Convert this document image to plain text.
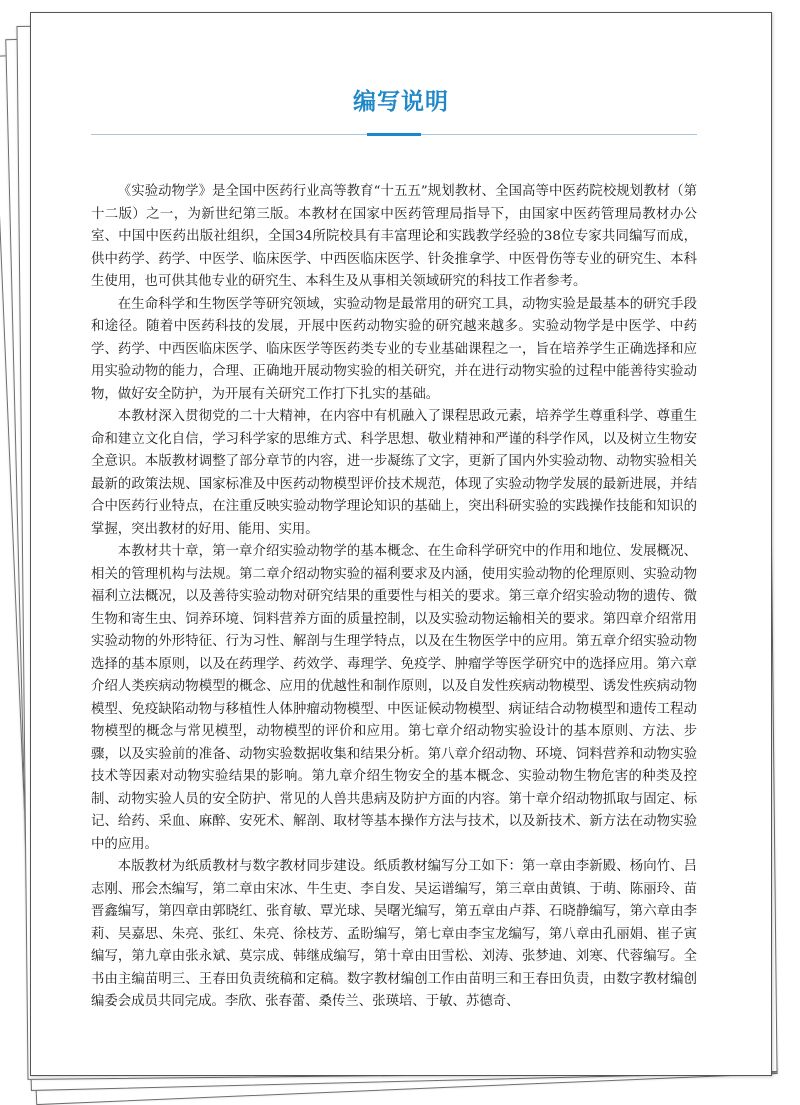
编写说明

《实验动物学》是全国中医药行业高等教育“十五五”规划教材、全国高等中医药院校规划教材（第十二版）之一，为新世纪第三版。本教材在国家中医药管理局指导下，由国家中医药管理局教材办公室、中国中医药出版社组织，全国34所院校具有丰富理论和实践教学经验的38位专家共同编写而成，供中药学、药学、中医学、临床医学、中西医临床医学、针灸推拿学、中医骨伤等专业的研究生、本科生使用，也可供其他专业的研究生、本科生及从事相关领域研究的科技工作者参考。

在生命科学和生物医学等研究领域，实验动物是最常用的研究工具，动物实验是最基本的研究手段和途径。随着中医药科技的发展，开展中医药动物实验的研究越来越多。实验动物学是中医学、中药学、药学、中西医临床医学、临床医学等医药类专业的专业基础课程之一，旨在培养学生正确选择和应用实验动物的能力，合理、正确地开展动物实验的相关研究，并在进行动物实验的过程中能善待实验动物，做好安全防护，为开展有关研究工作打下扎实的基础。

本教材深入贯彻党的二十大精神，在内容中有机融入了课程思政元素，培养学生尊重科学、尊重生命和建立文化自信，学习科学家的思维方式、科学思想、敬业精神和严谨的科学作风，以及树立生物安全意识。本版教材调整了部分章节的内容，进一步凝练了文字，更新了国内外实验动物、动物实验相关最新的政策法规、国家标准及中医药动物模型评价技术规范，体现了实验动物学发展的最新进展，并结合中医药行业特点，在注重反映实验动物学理论知识的基础上，突出科研实验的实践操作技能和知识的掌握，突出教材的好用、能用、实用。

本教材共十章，第一章介绍实验动物学的基本概念、在生命科学研究中的作用和地位、发展概况、相关的管理机构与法规。第二章介绍动物实验的福利要求及内涵，使用实验动物的伦理原则、实验动物福利立法概况，以及善待实验动物对研究结果的重要性与相关的要求。第三章介绍实验动物的遗传、微生物和寄生虫、饲养环境、饲料营养方面的质量控制，以及实验动物运输相关的要求。第四章介绍常用实验动物的外形特征、行为习性、解剖与生理学特点，以及在生物医学中的应用。第五章介绍实验动物选择的基本原则，以及在药理学、药效学、毒理学、免疫学、肿瘤学等医学研究中的选择应用。第六章介绍人类疾病动物模型的概念、应用的优越性和制作原则，以及自发性疾病动物模型、诱发性疾病动物模型、免疫缺陷动物与移植性人体肿瘤动物模型、中医证候动物模型、病证结合动物模型和遗传工程动物模型的概念与常见模型，动物模型的评价和应用。第七章介绍动物实验设计的基本原则、方法、步骤，以及实验前的准备、动物实验数据收集和结果分析。第八章介绍动物、环境、饲料营养和动物实验技术等因素对动物实验结果的影响。第九章介绍生物安全的基本概念、实验动物生物危害的种类及控制、动物实验人员的安全防护、常见的人兽共患病及防护方面的内容。第十章介绍动物抓取与固定、标记、给药、采血、麻醉、安死术、解剖、取材等基本操作方法与技术，以及新技术、新方法在动物实验中的应用。

本版教材为纸质教材与数字教材同步建设。纸质教材编写分工如下：第一章由李新殿、杨向竹、吕志刚、邢会杰编写，第二章由宋冰、牛生吏、李自发、吴运谱编写，第三章由黄镇、于萌、陈丽玲、苗晋鑫编写，第四章由郭晓红、张育敏、覃光球、吴曙光编写，第五章由卢莽、石晓静编写，第六章由李莉、吴嘉思、朱亮、张红、朱亮、徐枝芳、孟盼编写，第七章由李宝龙编写，第八章由孔丽娟、崔子寅编写，第九章由张永斌、莫宗成、韩继成编写，第十章由田雪松、刘涛、张梦迪、刘寒、代蓉编写。全书由主编苗明三、王春田负责统稿和定稿。数字教材编创工作由苗明三和王春田负责，由数字教材编创编委会成员共同完成。李欣、张春蕾、桑传兰、张瑛培、于敏、苏德奇、
